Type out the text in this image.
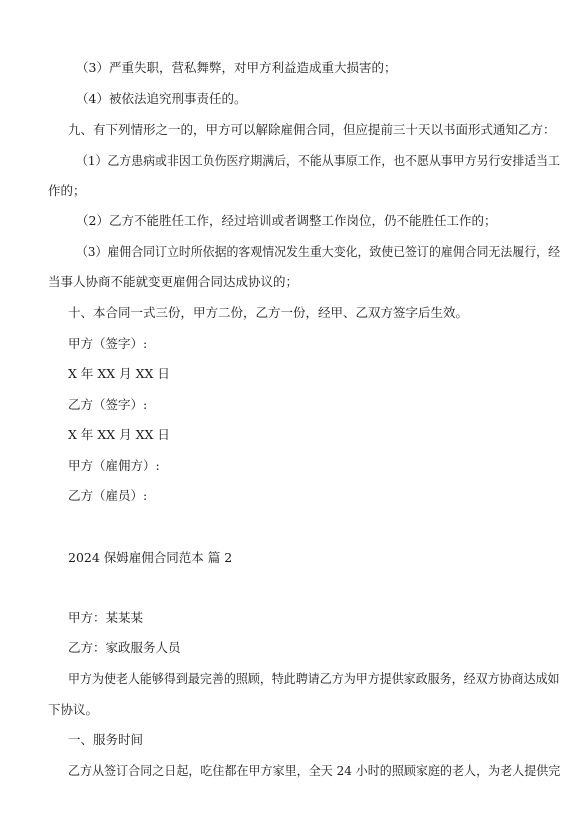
（3）严重失职，营私舞弊，对甲方利益造成重大损害的；
（4）被依法追究刑事责任的。
九、有下列情形之一的，甲方可以解除雇佣合同，但应提前三十天以书面形式通知乙方：
（1）乙方患病或非因工负伤医疗期满后，不能从事原工作，也不愿从事甲方另行安排适当工
作的；
（2）乙方不能胜任工作，经过培训或者调整工作岗位，仍不能胜任工作的；
（3）雇佣合同订立时所依据的客观情况发生重大变化，致使已签订的雇佣合同无法履行，经
当事人协商不能就变更雇佣合同达成协议的；
十、本合同一式三份，甲方二份，乙方一份，经甲、乙双方签字后生效。
甲方（签字）:
X 年 XX 月 XX 日
乙方（签字）:
X 年 XX 月 XX 日
甲方（雇佣方）:
乙方（雇员）:
2024 保姆雇佣合同范本 篇 2
甲方：某某某
乙方：家政服务人员
甲方为使老人能够得到最完善的照顾，特此聘请乙方为甲方提供家政服务，经双方协商达成如
下协议。
一、服务时间
乙方从签订合同之日起，吃住都在甲方家里，全天 24 小时的照顾家庭的老人，为老人提供完
